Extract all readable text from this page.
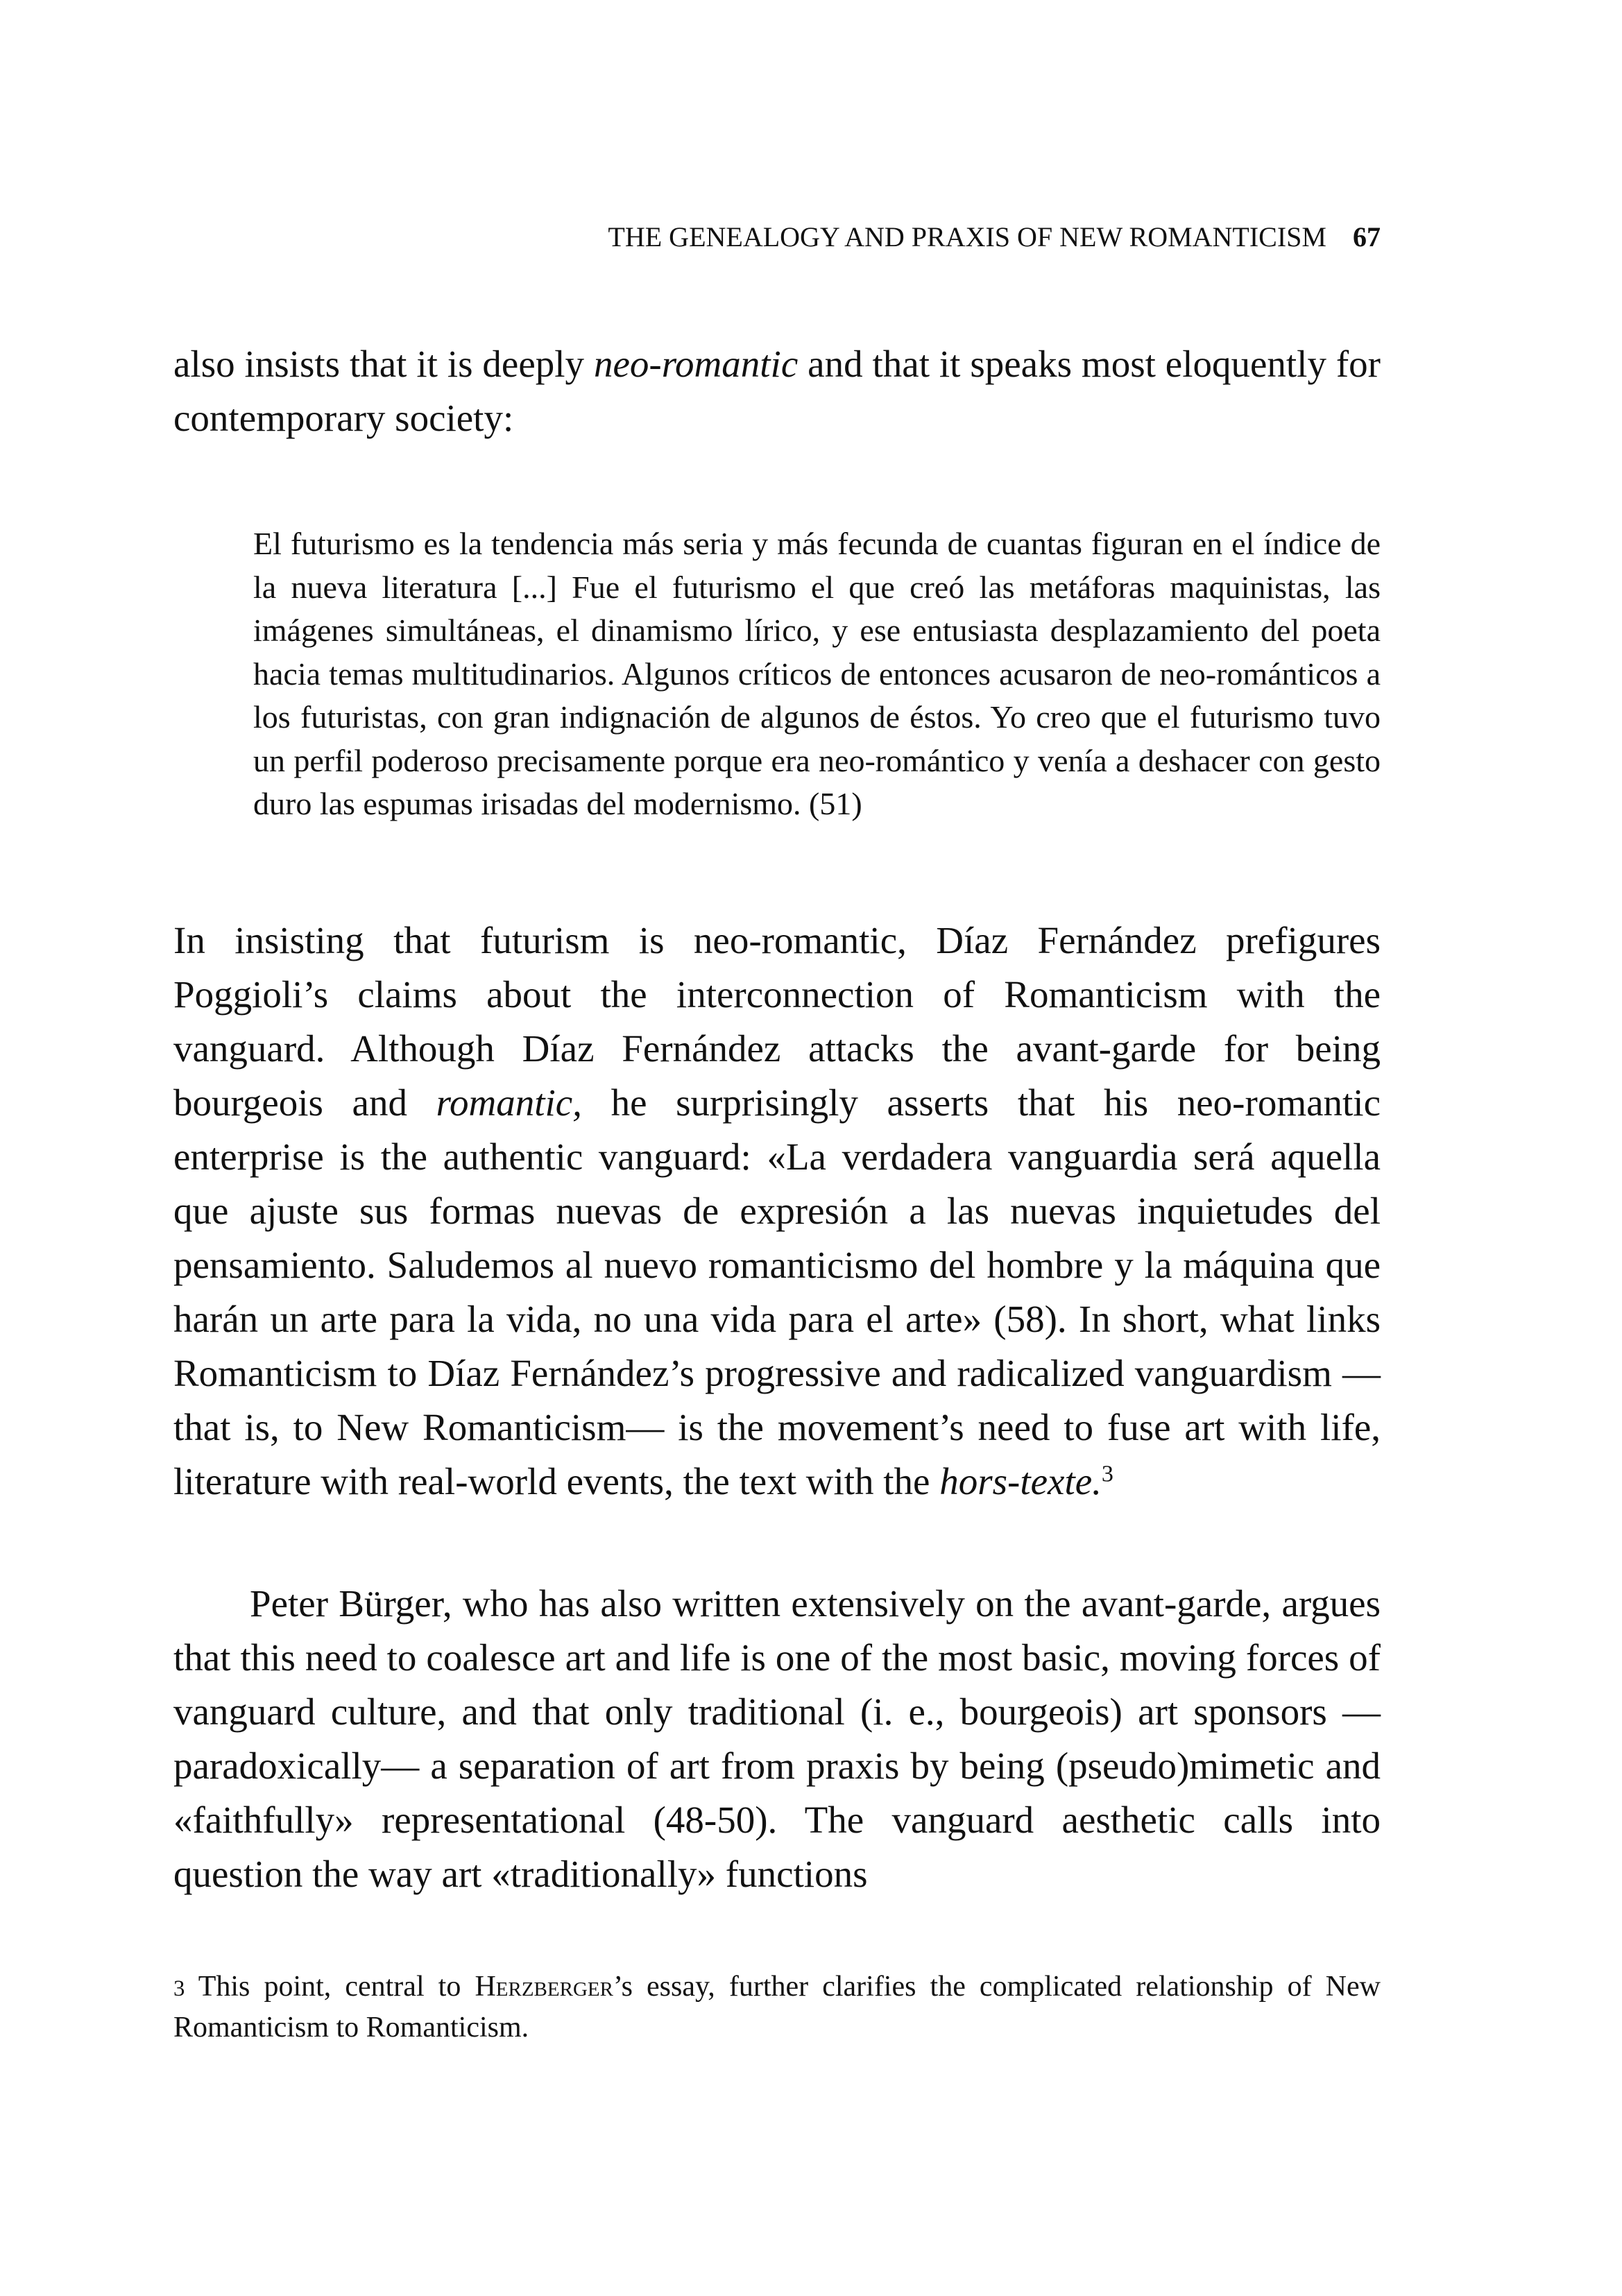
THE GENEALOGY AND PRAXIS OF NEW ROMANTICISM 67

also insists that it is deeply neo-romantic and that it speaks most eloquently for contemporary society:

El futurismo es la tendencia más seria y más fecunda de cuantas figuran en el índice de la nueva literatura [...] Fue el futurismo el que creó las metáforas maquinistas, las imágenes simultáneas, el dinamismo lírico, y ese entusiasta desplazamiento del poeta hacia temas multitudinarios. Algunos críticos de entonces acusaron de neo-románticos a los futuristas, con gran indignación de algunos de éstos. Yo creo que el futurismo tuvo un perfil poderoso precisamente porque era neo-romántico y venía a deshacer con gesto duro las espumas irisadas del modernismo. (51)

In insisting that futurism is neo-romantic, Díaz Fernández prefigures Poggioli’s claims about the interconnection of Romanticism with the vanguard. Although Díaz Fernández attacks the avant-garde for being bourgeois and romantic, he surprisingly asserts that his neo-romantic enterprise is the authentic vanguard: «La verdadera vanguardia será aquella que ajuste sus formas nuevas de expresión a las nuevas inquietudes del pensamiento. Saludemos al nuevo romanticismo del hombre y la máquina que harán un arte para la vida, no una vida para el arte» (58). In short, what links Romanticism to Díaz Fernández’s progressive and radicalized vanguardism —that is, to New Romanticism— is the movement’s need to fuse art with life, literature with real-world events, the text with the hors-texte.$^3$

Peter Bürger, who has also written extensively on the avant-garde, argues that this need to coalesce art and life is one of the most basic, moving forces of vanguard culture, and that only traditional (i. e., bourgeois) art sponsors —paradoxically— a separation of art from praxis by being (pseudo)mimetic and «faithfully» representational (48-50). The vanguard aesthetic calls into question the way art «traditionally» functions

3 This point, central to Herzberger’s essay, further clarifies the complicated relationship of New Romanticism to Romanticism.
